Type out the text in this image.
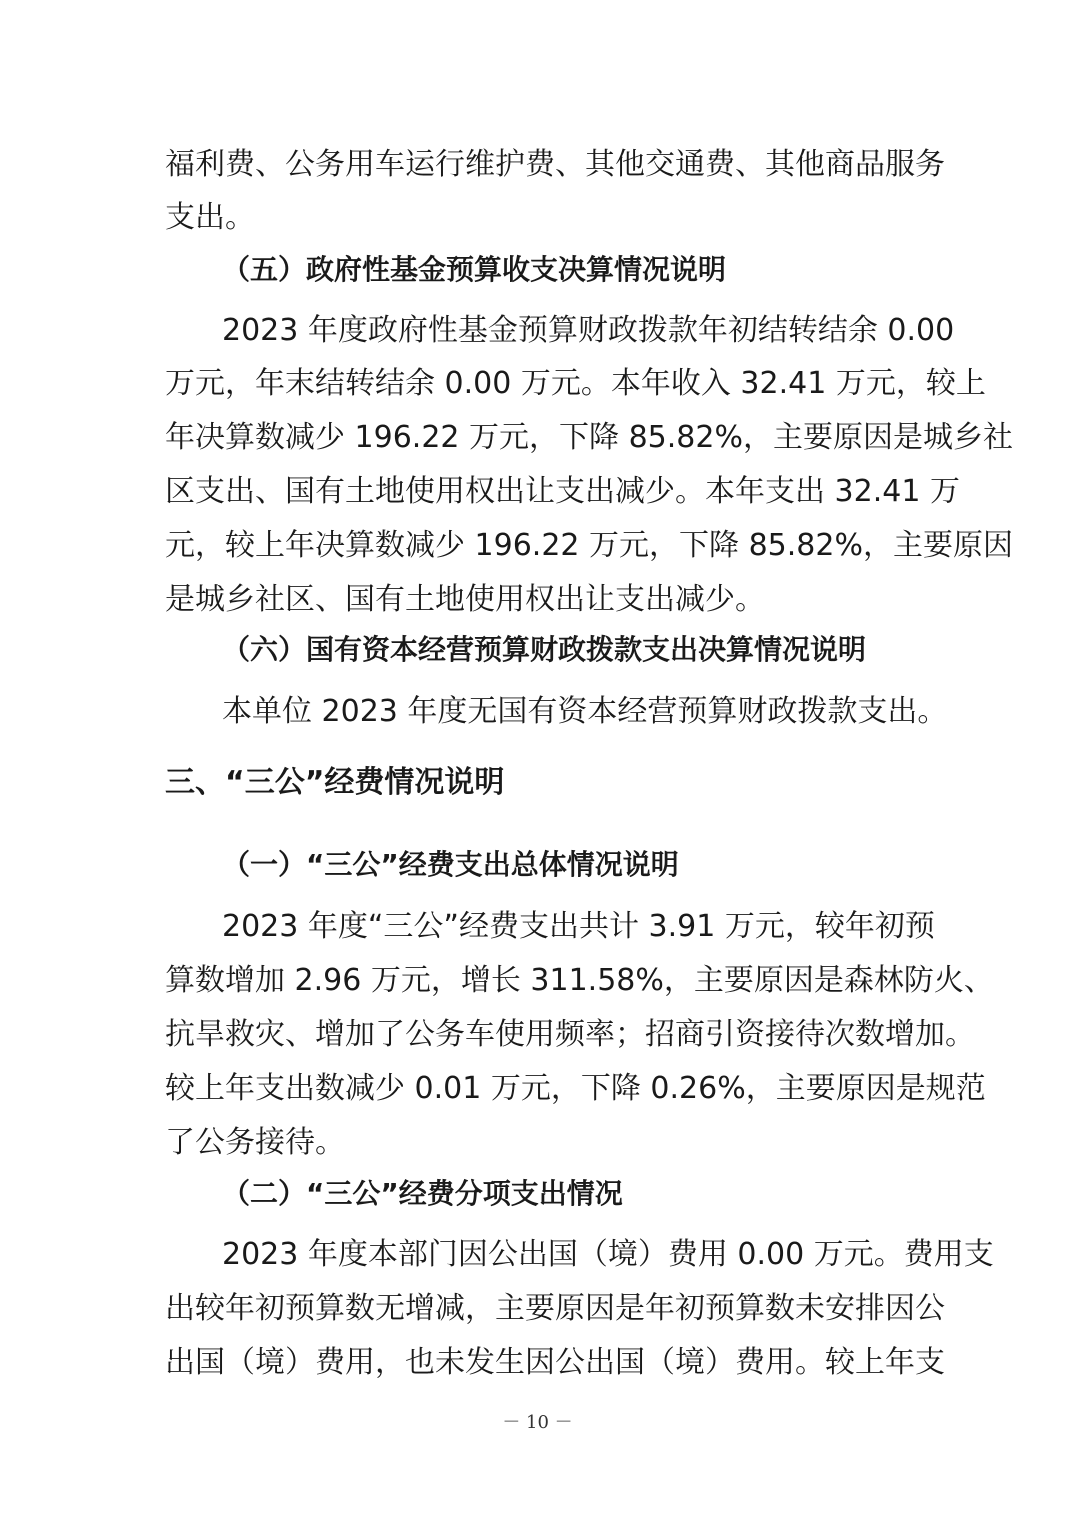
福利费、公务用车运行维护费、其他交通费、其他商品服务
支出。
（五）政府性基金预算收支决算情况说明
2023 年度政府性基金预算财政拨款年初结转结余 0.00
万元，年末结转结余 0.00 万元。本年收入 32.41 万元，较上
年决算数减少 196.22 万元，下降 85.82%，主要原因是城乡社
区支出、国有土地使用权出让支出减少。本年支出 32.41 万
元，较上年决算数减少 196.22 万元，下降 85.82%，主要原因
是城乡社区、国有土地使用权出让支出减少。
（六）国有资本经营预算财政拨款支出决算情况说明
本单位 2023 年度无国有资本经营预算财政拨款支出。
三、“三公”经费情况说明
（一）“三公”经费支出总体情况说明
2023 年度“三公”经费支出共计 3.91 万元，较年初预
算数增加 2.96 万元，增长 311.58%，主要原因是森林防火、
抗旱救灾、增加了公务车使用频率；招商引资接待次数增加。
较上年支出数减少 0.01 万元，下降 0.26%，主要原因是规范
了公务接待。
（二）“三公”经费分项支出情况
2023 年度本部门因公出国（境）费用 0.00 万元。费用支
出较年初预算数无增减，主要原因是年初预算数未安排因公
出国（境）费用，也未发生因公出国（境）费用。较上年支
－ 10 －
